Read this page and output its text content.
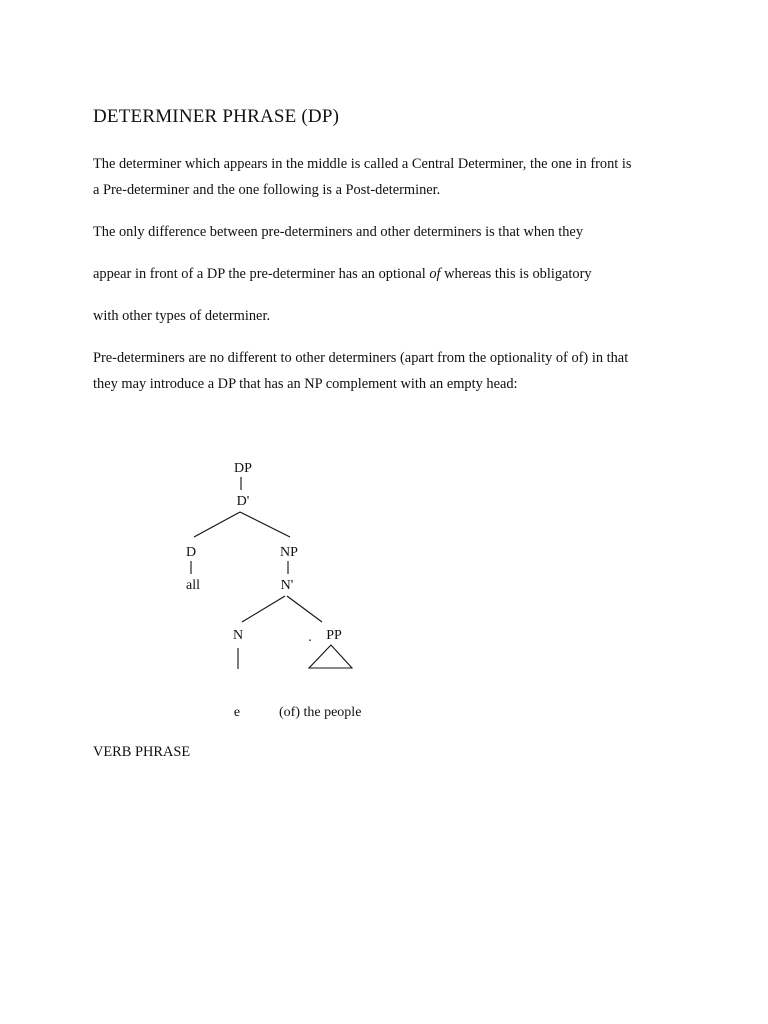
DETERMINER PHRASE (DP)
The determiner which appears in the middle is called a Central Determiner, the one in front is
a Pre-determiner and the one following is a Post-determiner.
The only difference between pre-determiners and other determiners is that when they
appear in front of a DP the pre-determiner has an optional of whereas this is obligatory
with other types of determiner.
Pre-determiners are no different to other determiners (apart from the optionality of of) in that
they may introduce a DP that has an NP complement with an empty head:
DP
D'
D	NP
all	N'
N	. PP
e	(of) the people
VERB PHRASE
